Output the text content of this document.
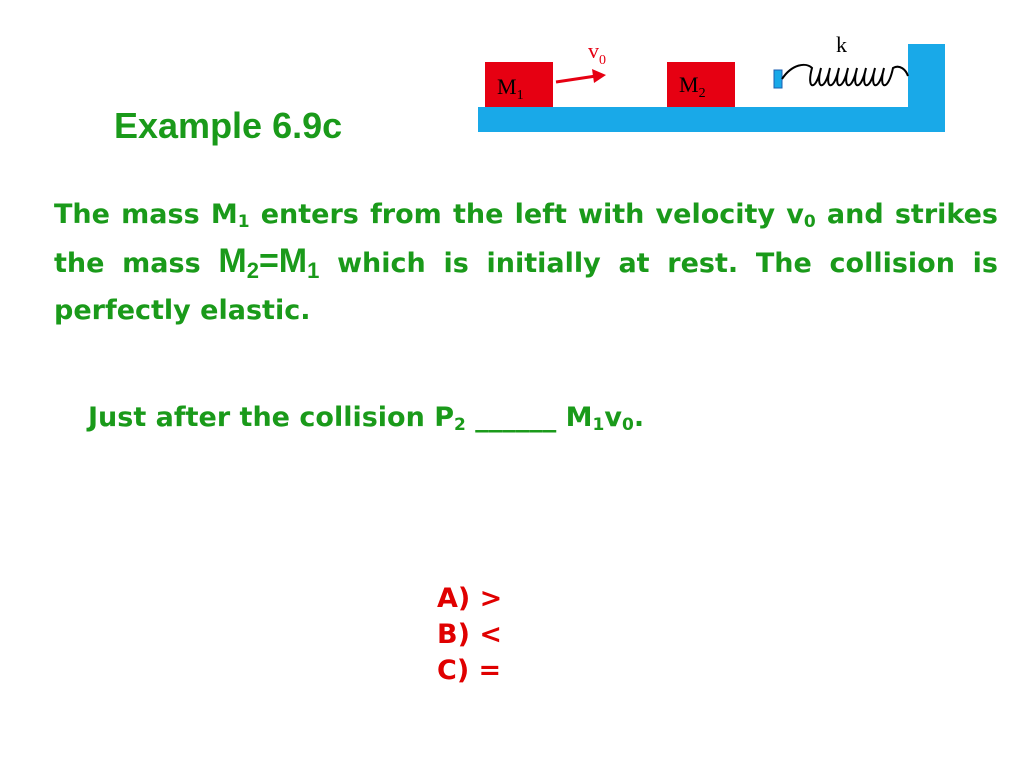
Example 6.9c
$M_1$
$v_0$
$M_2$
k

The mass $M_1$ enters from the left with velocity $v_0$ and strikes the mass $M_2=M_1$ which is initially at rest. The collision is perfectly elastic.

Just after the collision $P_2$ ______ $M_1v_0$.

A) >
B) <
C) =
